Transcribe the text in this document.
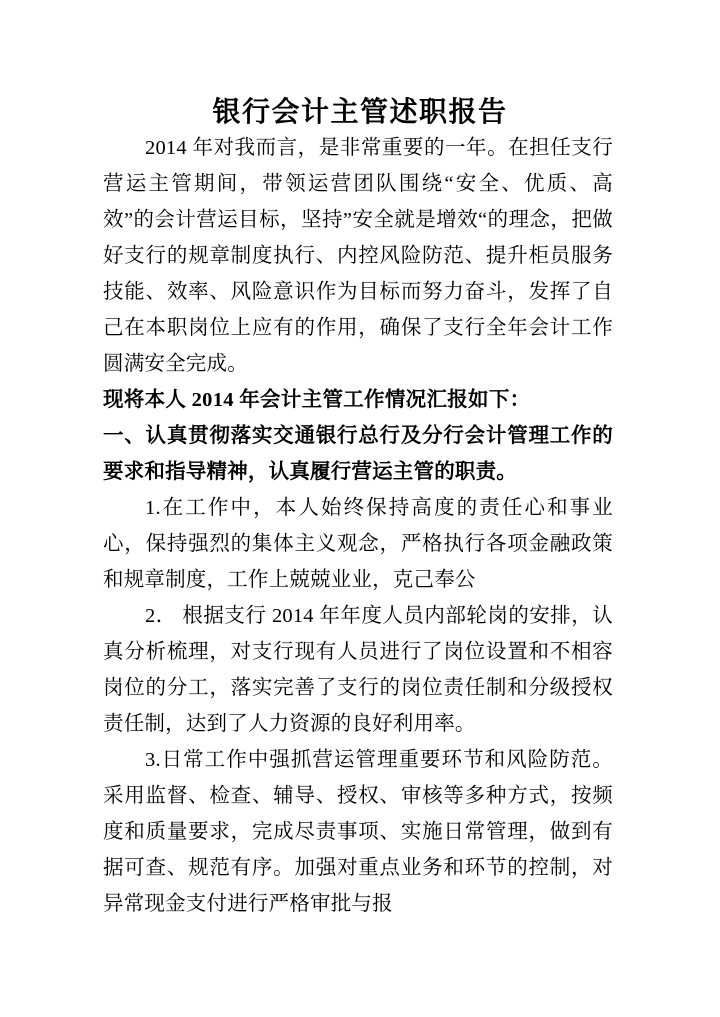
银行会计主管述职报告

2014 年对我而言，是非常重要的一年。在担任支行营运主管期间，带领运营团队围绕“安全、优质、高效”的会计营运目标，坚持”安全就是增效“的理念，把做好支行的规章制度执行、内控风险防范、提升柜员服务技能、效率、风险意识作为目标而努力奋斗，发挥了自己在本职岗位上应有的作用，确保了支行全年会计工作圆满安全完成。

现将本人 2014 年会计主管工作情况汇报如下：

一、认真贯彻落实交通银行总行及分行会计管理工作的要求和指导精神，认真履行营运主管的职责。

1.在工作中，本人始终保持高度的责任心和事业心，保持强烈的集体主义观念，严格执行各项金融政策和规章制度，工作上兢兢业业，克己奉公

2． 根据支行 2014 年年度人员内部轮岗的安排，认真分析梳理，对支行现有人员进行了岗位设置和不相容岗位的分工，落实完善了支行的岗位责任制和分级授权责任制，达到了人力资源的良好利用率。

3.日常工作中强抓营运管理重要环节和风险防范。采用监督、检查、辅导、授权、审核等多种方式，按频度和质量要求，完成尽责事项、实施日常管理，做到有据可查、规范有序。加强对重点业务和环节的控制，对异常现金支付进行严格审批与报
